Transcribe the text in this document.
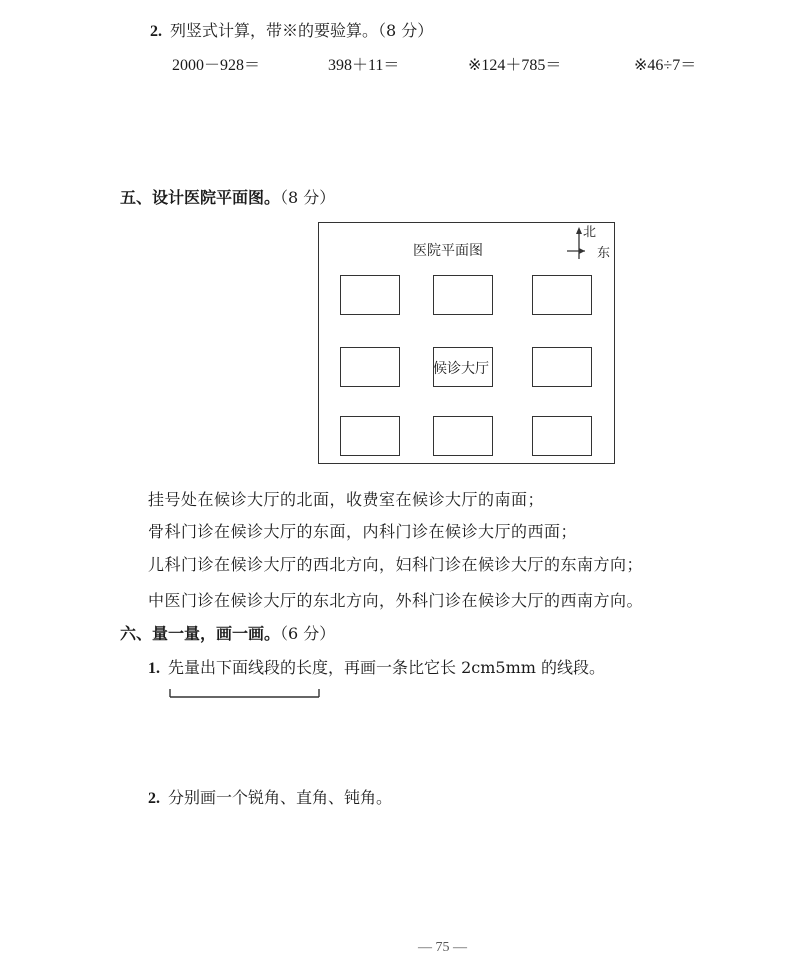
2. 列竖式计算，带※的要验算。（8 分）
2000－928＝	398＋11＝	※124＋785＝	※46÷7＝
五、设计医院平面图。（8 分）
医院平面图
北
东
候诊大厅
挂号处在候诊大厅的北面，收费室在候诊大厅的南面；
骨科门诊在候诊大厅的东面，内科门诊在候诊大厅的西面；
儿科门诊在候诊大厅的西北方向，妇科门诊在候诊大厅的东南方向；
中医门诊在候诊大厅的东北方向，外科门诊在候诊大厅的西南方向。
六、量一量，画一画。（6 分）
1. 先量出下面线段的长度，再画一条比它长 2cm5mm 的线段。
2. 分别画一个锐角、直角、钝角。
— 75 —
